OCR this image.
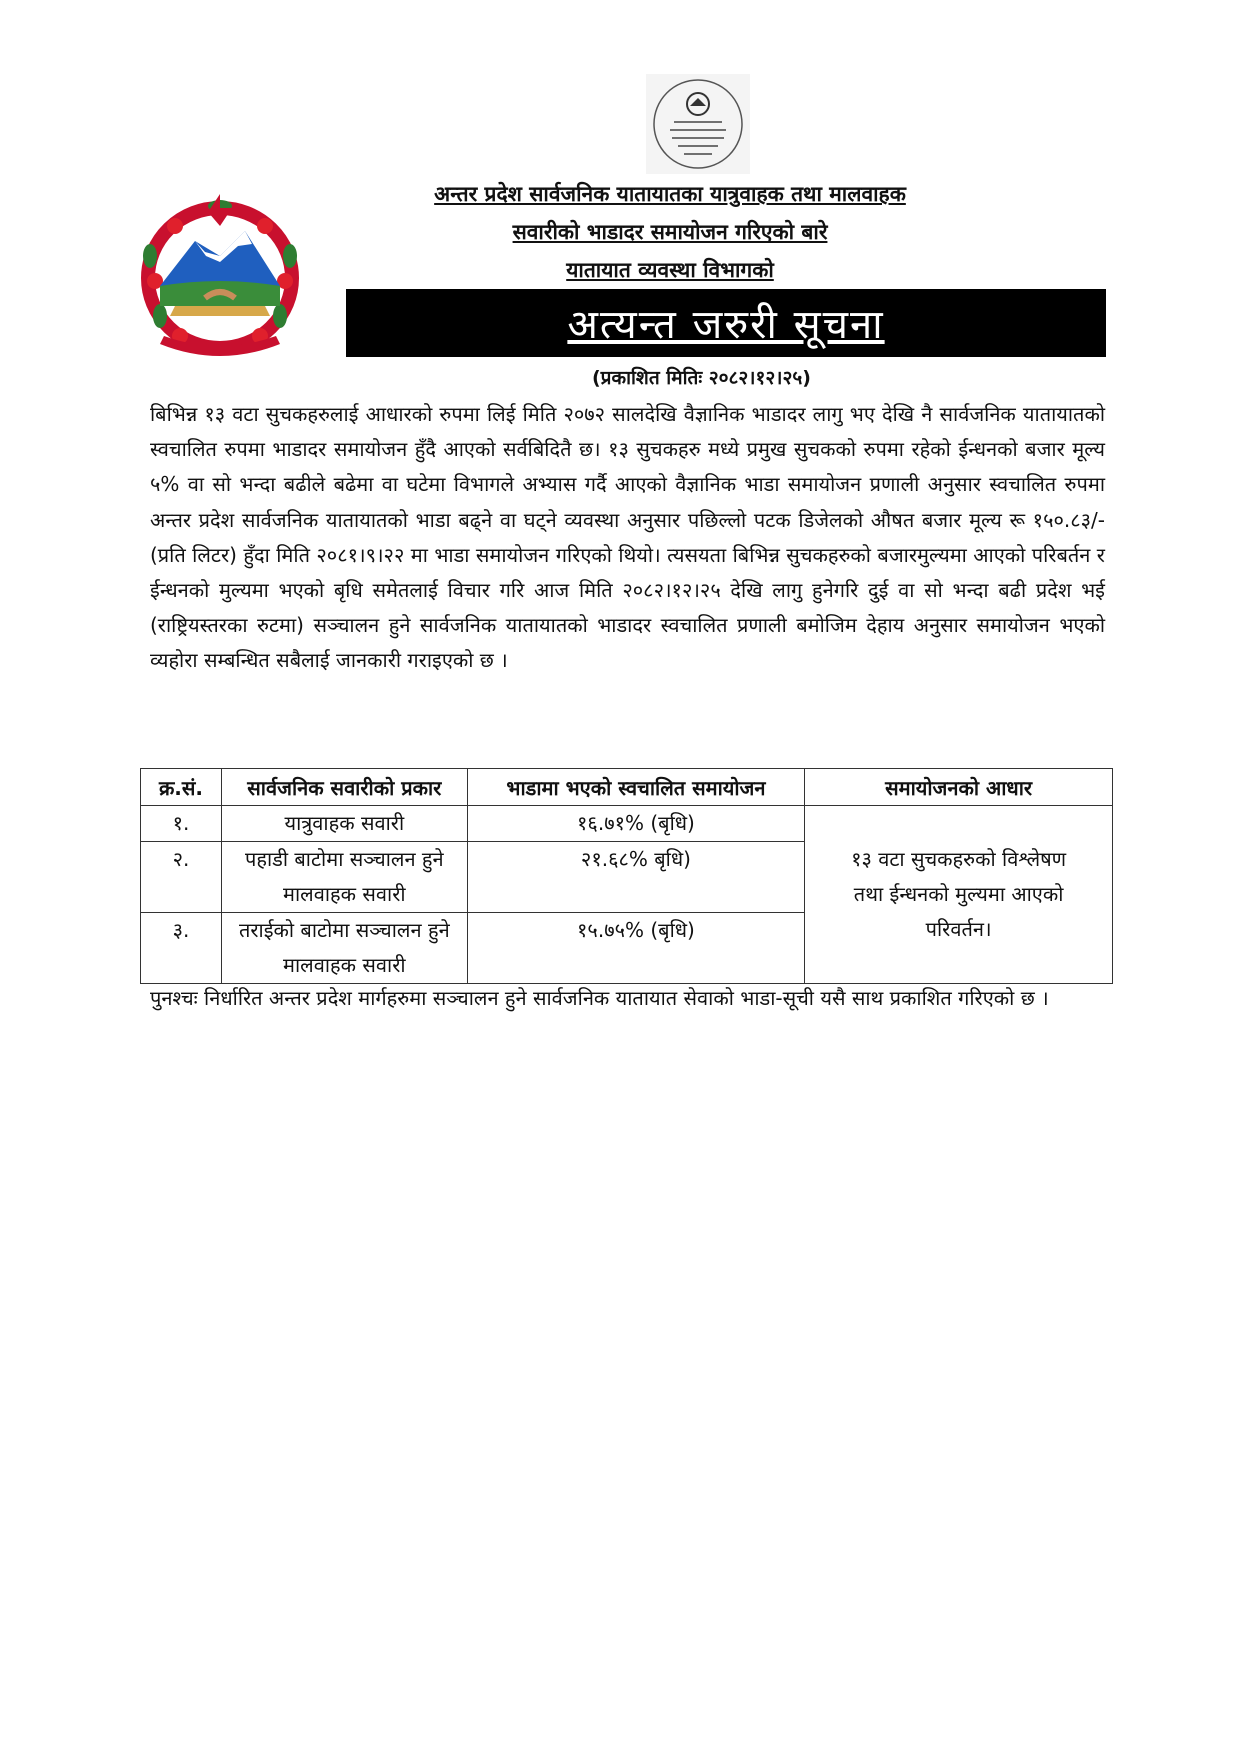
अन्तर प्रदेश सार्वजनिक यातायातका यात्रुवाहक तथा मालवाहक
सवारीको भाडादर समायोजन गरिएको बारे
यातायात व्यवस्था विभागको
अत्यन्त जरुरी सूचना
(प्रकाशित मितिः २०८२।१२।२५)
बिभिन्न १३ वटा सुचकहरुलाई आधारको रुपमा लिई मिति २०७२ सालदेखि वैज्ञानिक भाडादर लागु भए देखि नै सार्वजनिक यातायातको स्वचालित रुपमा भाडादर समायोजन हुँदै आएको सर्वबिदितै छ। १३ सुचकहरु मध्ये प्रमुख सुचकको रुपमा रहेको ईन्धनको बजार मूल्य ५% वा सो भन्दा बढीले बढेमा वा घटेमा विभागले अभ्यास गर्दै आएको वैज्ञानिक भाडा समायोजन प्रणाली अनुसार स्वचालित रुपमा अन्तर प्रदेश सार्वजनिक यातायातको भाडा बढ्ने वा घट्ने व्यवस्था अनुसार पछिल्लो पटक डिजेलको औषत बजार मूल्य रू १५०.८३/- (प्रति लिटर) हुँदा मिति २०८१।९।२२ मा भाडा समायोजन गरिएको थियो। त्यसयता बिभिन्न सुचकहरुको बजारमुल्यमा आएको परिबर्तन र ईन्धनको मुल्यमा भएको बृधि समेतलाई विचार गरि आज मिति २०८२।१२।२५ देखि लागु हुनेगरि दुई वा सो भन्दा बढी प्रदेश भई (राष्ट्रियस्तरका रुटमा) सञ्चालन हुने सार्वजनिक यातायातको भाडादर स्वचालित प्रणाली बमोजिम देहाय अनुसार समायोजन भएको व्यहोरा सम्बन्धित सबैलाई जानकारी गराइएको छ ।
क्र.सं.	सार्वजनिक सवारीको प्रकार	भाडामा भएको स्वचालित समायोजन	समायोजनको आधार
१.	यात्रुवाहक सवारी	१६.७१% (बृधि)	१३ वटा सुचकहरुको विश्लेषण तथा ईन्धनको मुल्यमा आएको परिवर्तन।
२.	पहाडी बाटोमा सञ्चालन हुने मालवाहक सवारी	२१.६८% बृधि)	
३.	तराईको बाटोमा सञ्चालन हुने मालवाहक सवारी	१५.७५% (बृधि)	
पुनश्चः निर्धारित अन्तर प्रदेश मार्गहरुमा सञ्चालन हुने सार्वजनिक यातायात सेवाको भाडा-सूची यसै साथ प्रकाशित गरिएको छ ।
